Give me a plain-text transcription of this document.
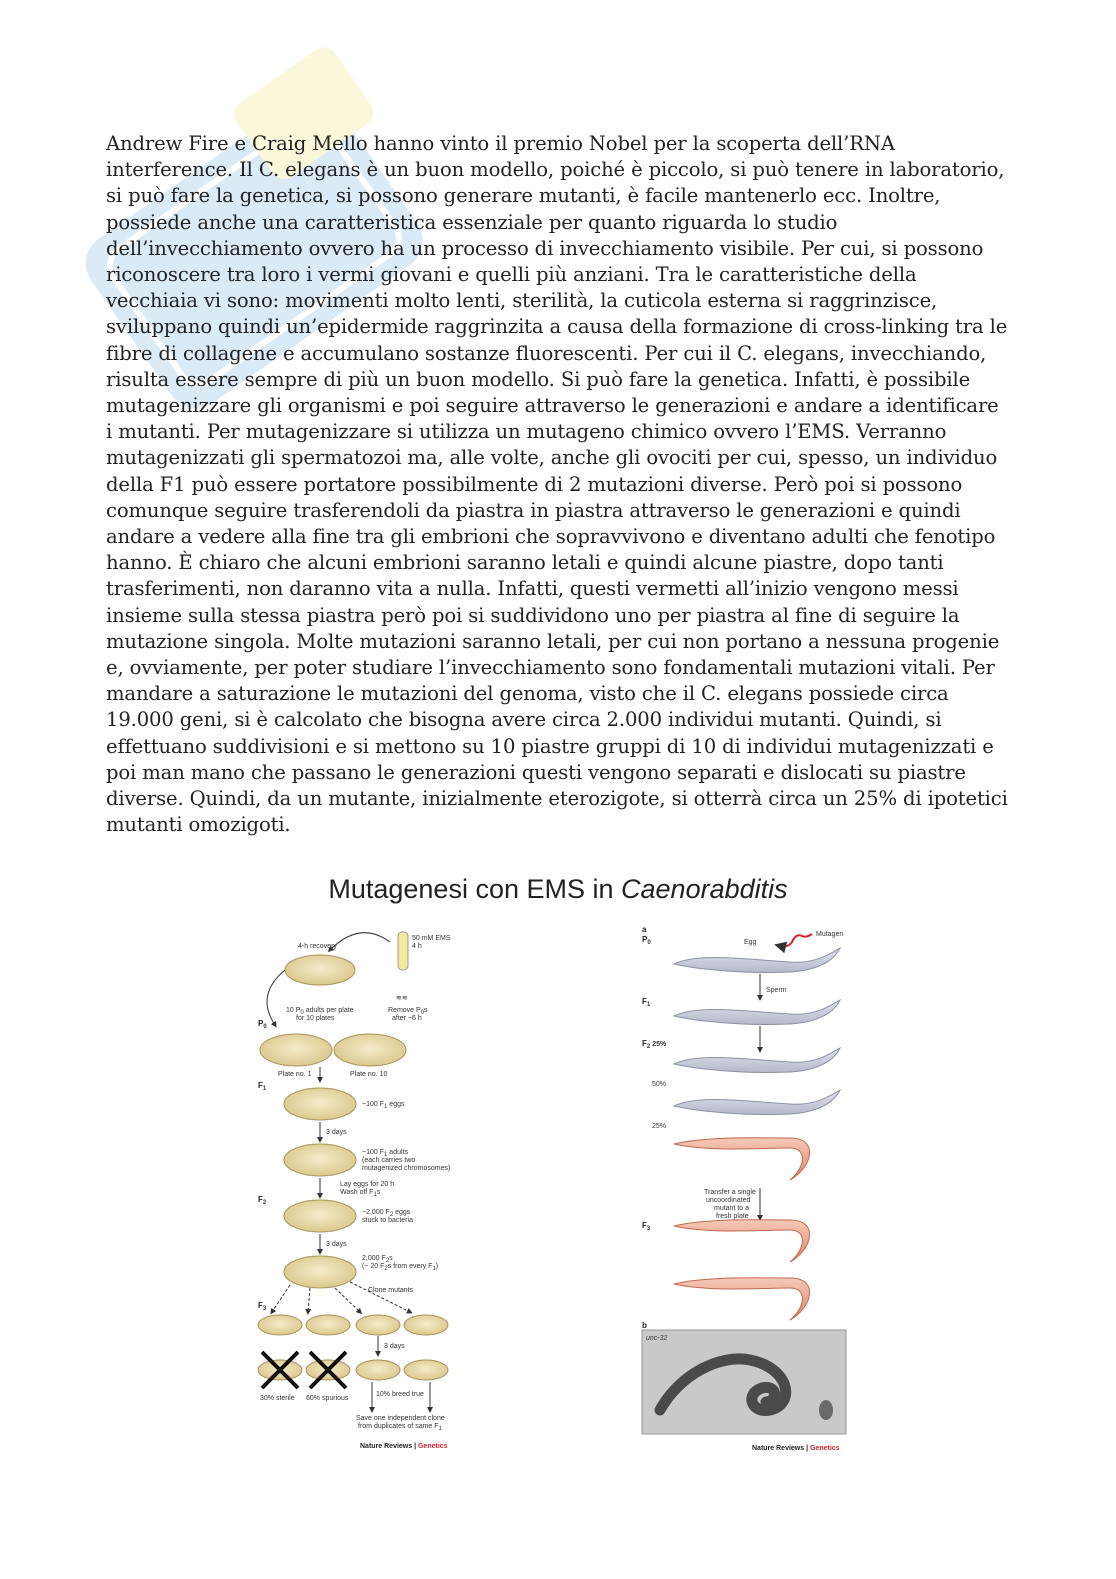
Andrew Fire e Craig Mello hanno vinto il premio Nobel per la scoperta dell’RNA interference. Il C. elegans è un buon modello, poiché è piccolo, si può tenere in laboratorio, si può fare la genetica, si possono generare mutanti, è facile mantenerlo ecc. Inoltre, possiede anche una caratteristica essenziale per quanto riguarda lo studio dell’invecchiamento ovvero ha un processo di invecchiamento visibile. Per cui, si possono riconoscere tra loro i vermi giovani e quelli più anziani. Tra le caratteristiche della vecchiaia vi sono: movimenti molto lenti, sterilità, la cuticola esterna si raggrinzisce, sviluppano quindi un’epidermide raggrinzita a causa della formazione di cross-linking tra le fibre di collagene e accumulano sostanze fluorescenti. Per cui il C. elegans, invecchiando, risulta essere sempre di più un buon modello. Si può fare la genetica. Infatti, è possibile mutagenizzare gli organismi e poi seguire attraverso le generazioni e andare a identificare i mutanti. Per mutagenizzare si utilizza un mutageno chimico ovvero l’EMS. Verranno mutagenizzati gli spermatozoi ma, alle volte, anche gli ovociti per cui, spesso, un individuo della F1 può essere portatore possibilmente di 2 mutazioni diverse. Però poi si possono comunque seguire trasferendoli da piastra in piastra attraverso le generazioni e quindi andare a vedere alla fine tra gli embrioni che sopravvivono e diventano adulti che fenotipo hanno. È chiaro che alcuni embrioni saranno letali e quindi alcune piastre, dopo tanti trasferimenti, non daranno vita a nulla. Infatti, questi vermetti all’inizio vengono messi insieme sulla stessa piastra però poi si suddividono uno per piastra al fine di seguire la mutazione singola. Molte mutazioni saranno letali, per cui non portano a nessuna progenie e, ovviamente, per poter studiare l’invecchiamento sono fondamentali mutazioni vitali. Per mandare a saturazione le mutazioni del genoma, visto che il C. elegans possiede circa 19.000 geni, si è calcolato che bisogna avere circa 2.000 individui mutanti. Quindi, si effettuano suddivisioni e si mettono su 10 piastre gruppi di 10 di individui mutagenizzati e poi man mano che passano le generazioni questi vengono separati e dislocati su piastre diverse. Quindi, da un mutante, inizialmente eterozigote, si otterrà circa un 25% di ipotetici mutanti omozigoti.

Mutagenesi con EMS in Caenorabditis
4-h recovery
50 mM EMS
4 h
≋≋
Remove P0s
after ~6 h
10 P0 adults per plate
for 10 plates
$P_0$
Plate no. 1	Plate no. 10
$F_1$
~100 F1 eggs
3 days
~100 F1 adults
(each carries two
mutagenized chromosomes)
Lay eggs for 20 h
Wash off F1s
$F_2$
~2,000 F2 eggs
stuck to bacteria
3 days
2,000 F2s
(~ 20 F2s from every F1)
Clone mutants
$F_3$
3 days
30% sterile 60% spurious
10% breed true
Save one independent clone
from duplicates of same F1
Nature Reviews | Genetics
a
$P_0$	Egg
Mutagen
Sperm
$F_1$
$F_2$ 25%
50%
25%
Transfer a single
uncoordinated
mutant to a
fresh plate
$F_3$
b
unc-32
Nature Reviews | Genetics
